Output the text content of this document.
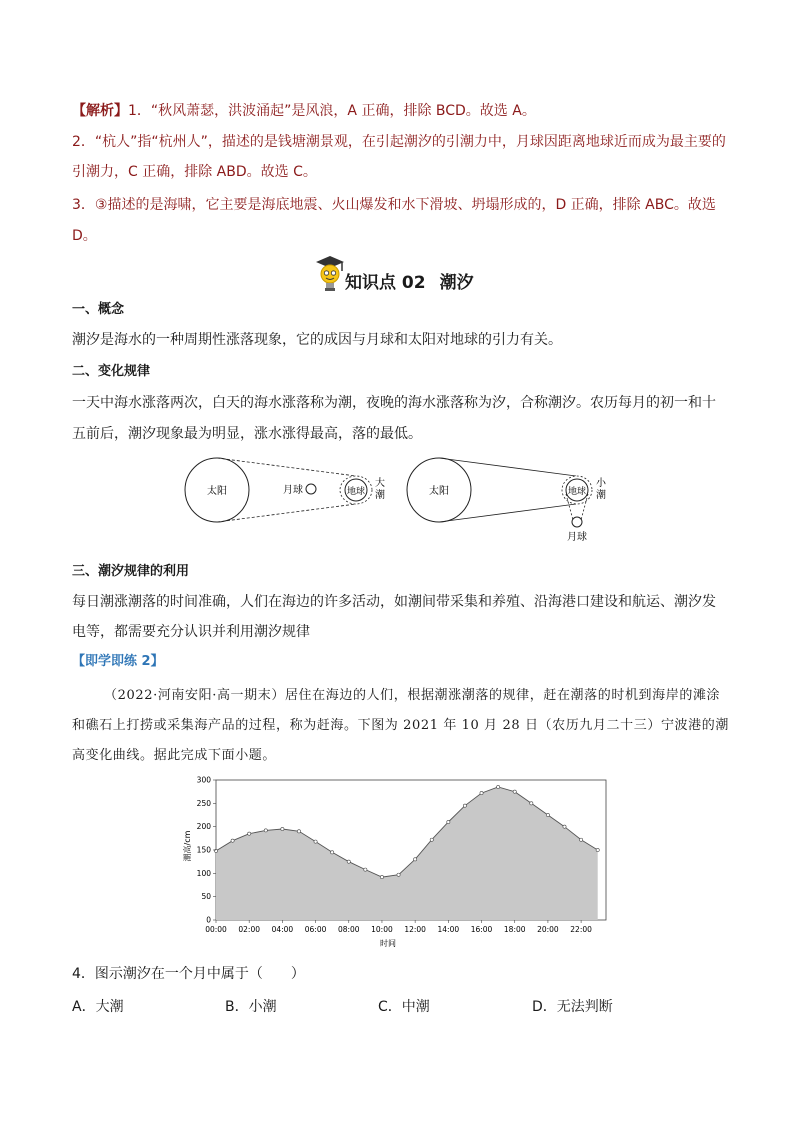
【解析】1．“秋风萧瑟，洪波涌起”是风浪，A 正确，排除 BCD。故选 A。
2．“杭人”指“杭州人”，描述的是钱塘潮景观，在引起潮汐的引潮力中，月球因距离地球近而成为最主要的
引潮力，C 正确，排除 ABD。故选 C。
3．③描述的是海啸，它主要是海底地震、火山爆发和水下滑坡、坍塌形成的，D 正确，排除 ABC。故选
D。
知识点 02 潮汐
一、概念
潮汐是海水的一种周期性涨落现象，它的成因与月球和太阳对地球的引力有关。
二、变化规律
一天中海水涨落两次，白天的海水涨落称为潮，夜晚的海水涨落称为汐，合称潮汐。农历每月的初一和十
五前后，潮汐现象最为明显，涨水涨得最高，落的最低。
太阳	月球	地球
大
潮	太阳	地球
月球
小
潮
三、潮汐规律的利用
每日潮涨潮落的时间准确，人们在海边的许多活动，如潮间带采集和养殖、沿海港口建设和航运、潮汐发
电等，都需要充分认识并利用潮汐规律
【即学即练 2】
（2022·河南安阳·高一期末）居住在海边的人们，根据潮涨潮落的规律，赶在潮落的时机到海岸的滩涂
和礁石上打捞或采集海产品的过程，称为赶海。下图为 2021 年 10 月 28 日（农历九月二十三）宁波港的潮
高变化曲线。据此完成下面小题。
00:00 02:00 04:00 06:00 08:00 10:00 12:00 14:00 16:00 18:00 20:00 22:00
0
50
100
150
200
250
300
潮高/cm
时间
4．图示潮汐在一个月中属于（　　）
A．大潮	B．小潮	C．中潮	D．无法判断
